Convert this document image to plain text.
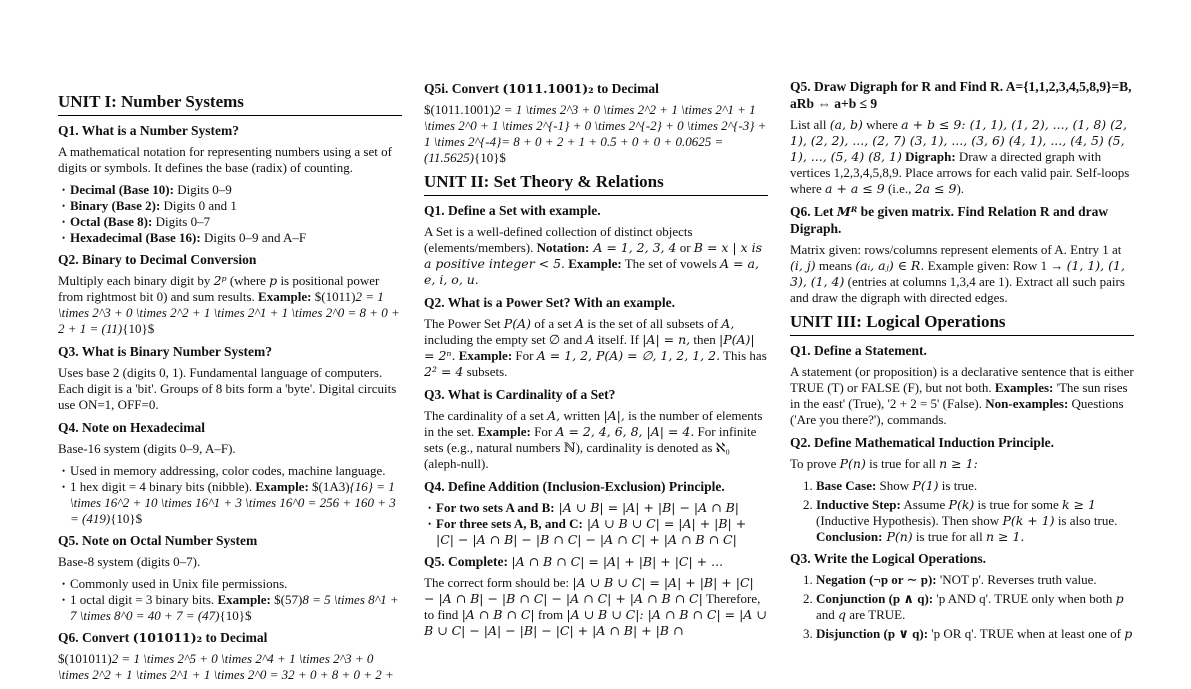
UNIT I: Number Systems
Q1. What is a Number System?

A mathematical notation for representing numbers using a set of digits or symbols. It defines the base (radix) of counting.

• Decimal (Base 10): Digits 0–9
• Binary (Base 2): Digits 0 and 1
• Octal (Base 8): Digits 0–7
• Hexadecimal (Base 16): Digits 0–9 and A–F
Q2. Binary to Decimal Conversion

Multiply each binary digit by 2ᵖ (where p is positional power from rightmost bit 0) and sum results. Example: $(1011)2 = 1 \times 2^3 + 0 \times 2^2 + 1 \times 2^1 + 1 \times 2^0 = 8 + 0 + 2 + 1 = (11){10}$

Q3. What is Binary Number System?

Uses base 2 (digits 0, 1). Fundamental language of computers. Each digit is a 'bit'. Groups of 8 bits form a 'byte'. Digital circuits use ON=1, OFF=0.

Q4. Note on Hexadecimal

Base-16 system (digits 0–9, A–F).

• Used in memory addressing, color codes, machine language.
• 1 hex digit = 4 binary bits (nibble). Example: $(1A3){16} = 1 \times 16^2 + 10 \times 16^1 + 3 \times 16^0 = 256 + 160 + 3 = (419){10}$
Q5. Note on Octal Number System

Base-8 system (digits 0–7).

• Commonly used in Unix file permissions.
• 1 octal digit = 3 binary bits. Example: $(57)8 = 5 \times 8^1 + 7 \times 8^0 = 40 + 7 = (47){10}$
Q6. Convert (101011)₂ to Decimal

$(101011)2 = 1 \times 2^5 + 0 \times 2^4 + 1 \times 2^3 + 0 \times 2^2 + 1 \times 2^1 + 1 \times 2^0 = 32 + 0 + 8 + 0 + 2 +

Q5i. Convert (1011.1001)₂ to Decimal

$(1011.1001)2 = 1 \times 2^3 + 0 \times 2^2 + 1 \times 2^1 + 1 \times 2^0 + 1 \times 2^{-1} + 0 \times 2^{-2} + 0 \times 2^{-3} + 1 \times 2^{-4}= 8 + 0 + 2 + 1 + 0.5 + 0 + 0 + 0.0625 = (11.5625){10}$

UNIT II: Set Theory & Relations
Q1. Define a Set with example.

A Set is a well-defined collection of distinct objects (elements/members). Notation: A = 1, 2, 3, 4 or B = x | x is a positive integer < 5. Example: The set of vowels A = a, e, i, o, u.

Q2. What is a Power Set? With an example.

The Power Set P(A) of a set A is the set of all subsets of A, including the empty set ∅ and A itself. If |A| = n, then |P(A)| = 2ⁿ. Example: For A = 1, 2, P(A) = ∅, 1, 2, 1, 2. This has 2² = 4 subsets.

Q3. What is Cardinality of a Set?

The cardinality of a set A, written |A|, is the number of elements in the set. Example: For A = 2, 4, 6, 8, |A| = 4. For infinite sets (e.g., natural numbers ℕ), cardinality is denoted as ℵ₀ (aleph-null).

Q4. Define Addition (Inclusion-Exclusion) Principle.
• For two sets A and B: |A ∪ B| = |A| + |B| − |A ∩ B|
• For three sets A, B, and C: |A ∪ B ∪ C| = |A| + |B| + |C| − |A ∩ B| − |B ∩ C| − |A ∩ C| + |A ∩ B ∩ C|
Q5. Complete: |A ∩ B ∩ C| = |A| + |B| + |C| + ...

The correct form should be: |A ∪ B ∪ C| = |A| + |B| + |C| − |A ∩ B| − |B ∩ C| − |A ∩ C| + |A ∩ B ∩ C| Therefore, to find |A ∩ B ∩ C| from |A ∪ B ∪ C|: |A ∩ B ∩ C| = |A ∪ B ∪ C| − |A| − |B| − |C| + |A ∩ B| + |B ∩

Q5. Draw Digraph for R and Find R. A={1,1,2,3,4,5,8,9}=B, aRb ⇔ a+b ≤ 9

List all (a, b) where a + b ≤ 9: (1, 1), (1, 2), ..., (1, 8) (2, 1), (2, 2), ..., (2, 7) (3, 1), ..., (3, 6) (4, 1), ..., (4, 5) (5, 1), ..., (5, 4) (8, 1) Digraph: Draw a directed graph with vertices 1,2,3,4,5,8,9. Place arrows for each valid pair. Self-loops where a + a ≤ 9 (i.e., 2a ≤ 9).

Q6. Let Mᴿ be given matrix. Find Relation R and draw Digraph.

Matrix given: rows/columns represent elements of A. Entry 1 at (i, j) means (aᵢ, aⱼ) ∈ R. Example given: Row 1 → (1, 1), (1, 3), (1, 4) (entries at columns 1,3,4 are 1). Extract all such pairs and draw the digraph with directed edges.

UNIT III: Logical Operations
Q1. Define a Statement.

A statement (or proposition) is a declarative sentence that is either TRUE (T) or FALSE (F), but not both. Examples: 'The sun rises in the east' (True), '2 + 2 = 5' (False). Non-examples: Questions ('Are you there?'), commands.

Q2. Define Mathematical Induction Principle.

To prove P(n) is true for all n ≥ 1:

1. Base Case: Show P(1) is true.
2. Inductive Step: Assume P(k) is true for some k ≥ 1 (Inductive Hypothesis). Then show P(k + 1) is also true. Conclusion: P(n) is true for all n ≥ 1.
Q3. Write the Logical Operations.
1. Negation (¬p or ∼ p): 'NOT p'. Reverses truth value.
2. Conjunction (p ∧ q): 'p AND q'. TRUE only when both p and q are TRUE.
3. Disjunction (p ∨ q): 'p OR q'. TRUE when at least one of p
